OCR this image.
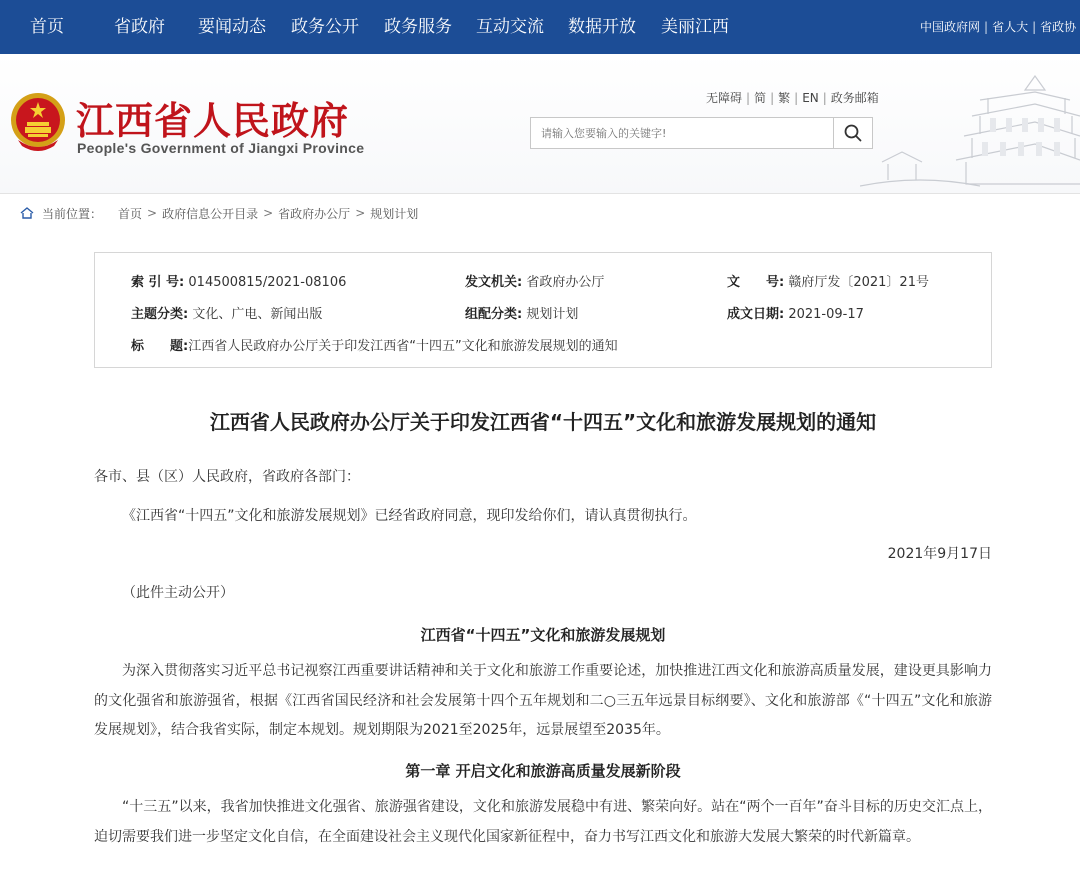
首页	省政府 要闻动态 政务公开 政务服务 互动交流 数据开放 美丽江西	中国政府网 | 省人大 | 省政协
江西省人民政府
People's Government of Jiangxi Province
无障碍 | 简 | 繁 | EN | 政务邮箱
请输入您要输入的关键字!
当前位置： 首页 > 政府信息公开目录 > 省政府办公厅 > 规划计划
索 引 号: 014500815/2021-08106	发文机关: 省政府办公厅	文　　号: 赣府厅发〔2021〕21号
主题分类: 文化、广电、新闻出版	组配分类: 规划计划	成文日期: 2021-09-17
标　　题:江西省人民政府办公厅关于印发江西省“十四五”文化和旅游发展规划的通知
江西省人民政府办公厅关于印发江西省“十四五”文化和旅游发展规划的通知
各市、县（区）人民政府，省政府各部门：
《江西省“十四五”文化和旅游发展规划》已经省政府同意，现印发给你们，请认真贯彻执行。
2021年9月17日
（此件主动公开）
江西省“十四五”文化和旅游发展规划
为深入贯彻落实习近平总书记视察江西重要讲话精神和关于文化和旅游工作重要论述，加快推进江西文化和旅游高质量发展，建设更具影响力的文化强省和旅游强省，根据《江西省国民经济和社会发展第十四个五年规划和二○三五年远景目标纲要》、文化和旅游部《“十四五”文化和旅游发展规划》，结合我省实际，制定本规划。规划期限为2021至2025年，远景展望至2035年。
第一章 开启文化和旅游高质量发展新阶段
“十三五”以来，我省加快推进文化强省、旅游强省建设，文化和旅游发展稳中有进、繁荣向好。站在“两个一百年”奋斗目标的历史交汇点上，迫切需要我们进一步坚定文化自信，在全面建设社会主义现代化国家新征程中，奋力书写江西文化和旅游大发展大繁荣的时代新篇章。
